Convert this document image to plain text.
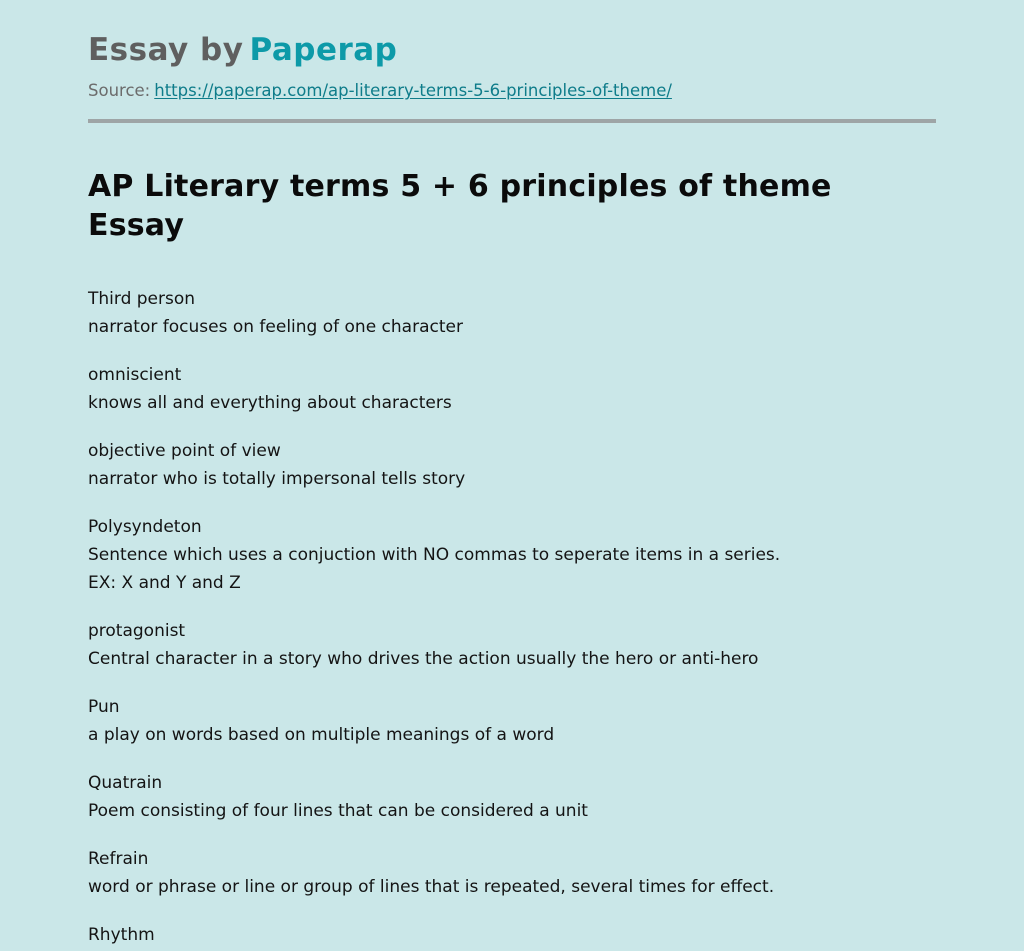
Essay by Paperap
Source: https://paperap.com/ap-literary-terms-5-6-principles-of-theme/
AP Literary terms 5 + 6 principles of theme Essay
Third person
narrator focuses on feeling of one character
omniscient
knows all and everything about characters
objective point of view
narrator who is totally impersonal tells story
Polysyndeton
Sentence which uses a conjuction with NO commas to seperate items in a series.
EX: X and Y and Z
protagonist
Central character in a story who drives the action usually the hero or anti-hero
Pun
a play on words based on multiple meanings of a word
Quatrain
Poem consisting of four lines that can be considered a unit
Refrain
word or phrase or line or group of lines that is repeated, several times for effect.
Rhythm
